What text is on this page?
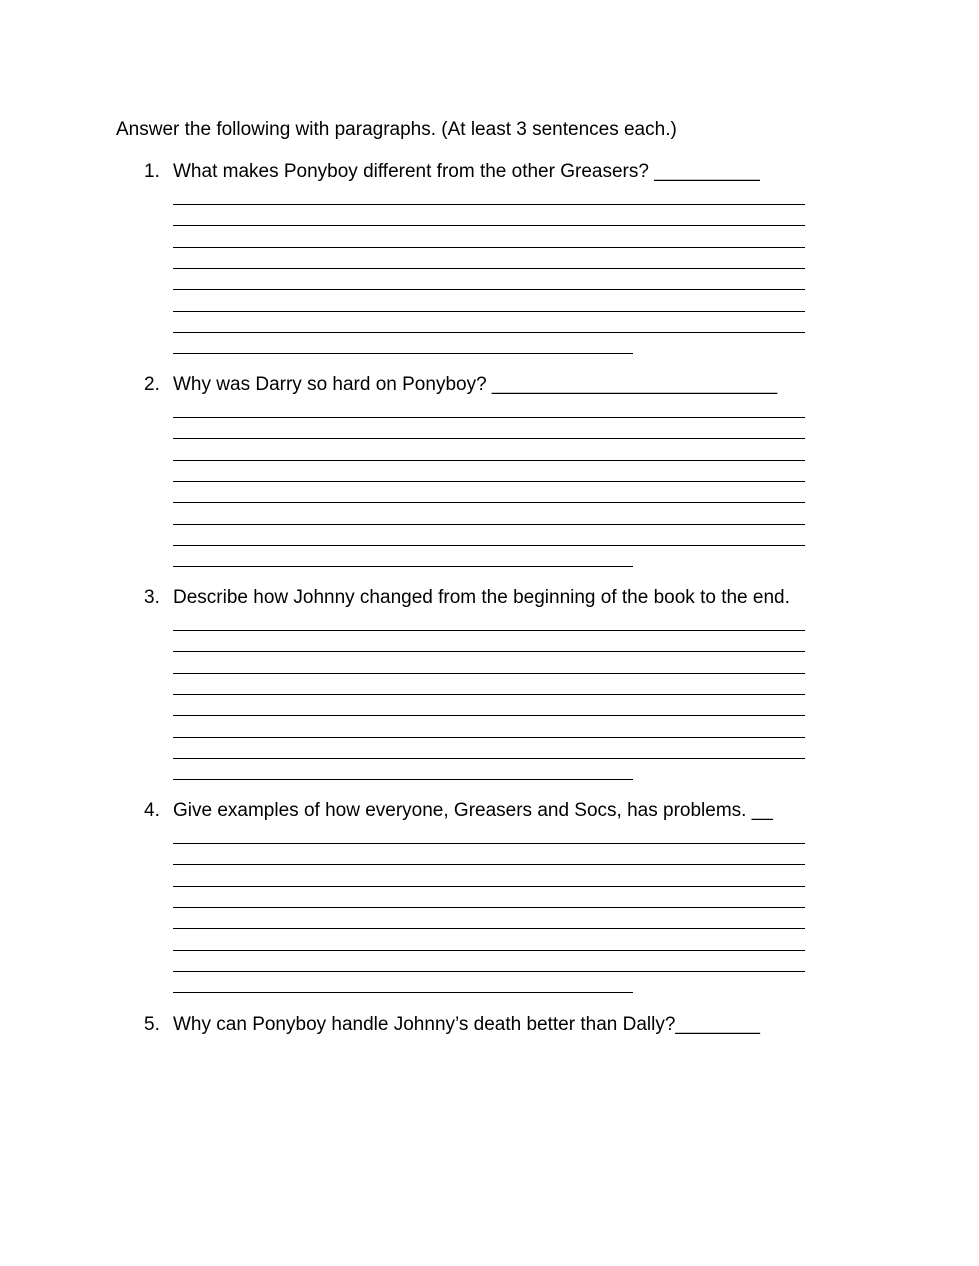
Answer the following with paragraphs. (At least 3 sentences each.)
1. What makes Ponyboy different from the other Greasers? __________
2. Why was Darry so hard on Ponyboy? ___________________________
3. Describe how Johnny changed from the beginning of the book to the end.
4. Give examples of how everyone, Greasers and Socs, has problems. __
5. Why can Ponyboy handle Johnny’s death better than Dally?________
